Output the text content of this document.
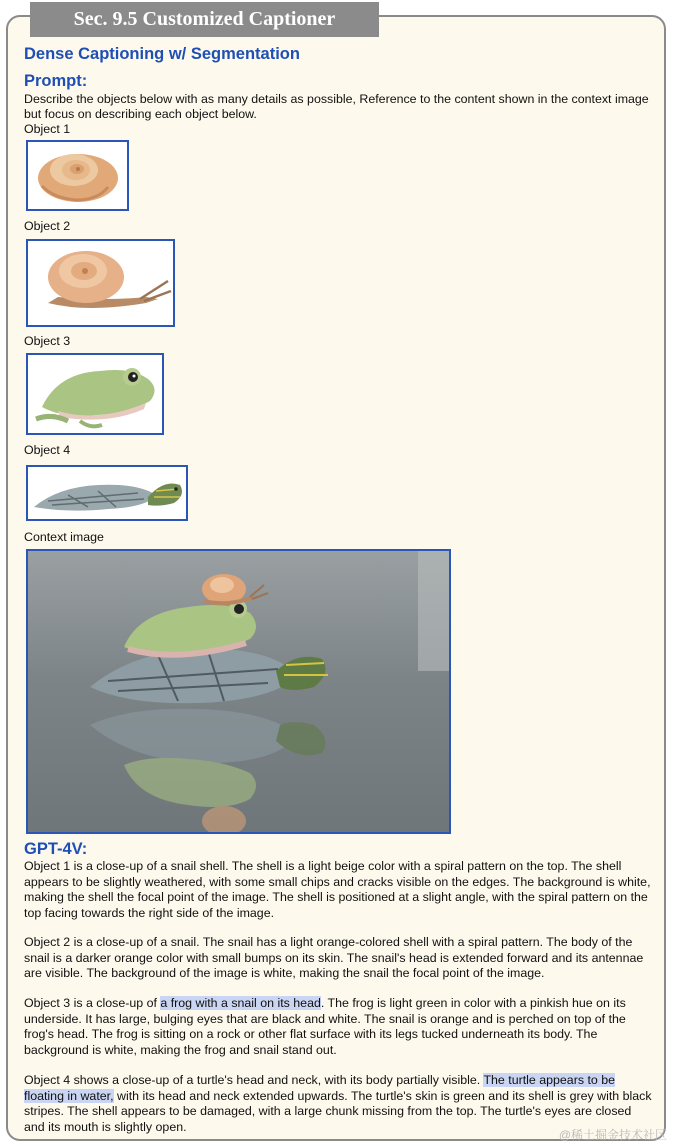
Sec. 9.5 Customized Captioner
Dense Captioning w/ Segmentation
Prompt:

Describe the objects below with as many details as possible, Reference to the content shown in the context image but focus on describing each object below.

Object 1

Object 2

Object 3

Object 4

Context image

GPT-4V:

Object 1 is a close-up of a snail shell. The shell is a light beige color with a spiral pattern on the top. The shell appears to be slightly weathered, with some small chips and cracks visible on the edges. The background is white, making the shell the focal point of the image. The shell is positioned at a slight angle, with the spiral pattern on the top facing towards the right side of the image.

Object 2 is a close-up of a snail. The snail has a light orange-colored shell with a spiral pattern. The body of the snail is a darker orange color with small bumps on its skin. The snail's head is extended forward and its antennae are visible. The background of the image is white, making the snail the focal point of the image.

Object 3 is a close-up of a frog with a snail on its head. The frog is light green in color with a pinkish hue on its underside. It has large, bulging eyes that are black and white. The snail is orange and is perched on top of the frog's head. The frog is sitting on a rock or other flat surface with its legs tucked underneath its body. The background is white, making the frog and snail stand out.

Object 4 shows a close-up of a turtle's head and neck, with its body partially visible. The turtle appears to be floating in water, with its head and neck extended upwards. The turtle's skin is green and its shell is grey with black stripes. The shell appears to be damaged, with a large chunk missing from the top. The turtle's eyes are closed and its mouth is slightly open.

@稀土掘金技术社区
